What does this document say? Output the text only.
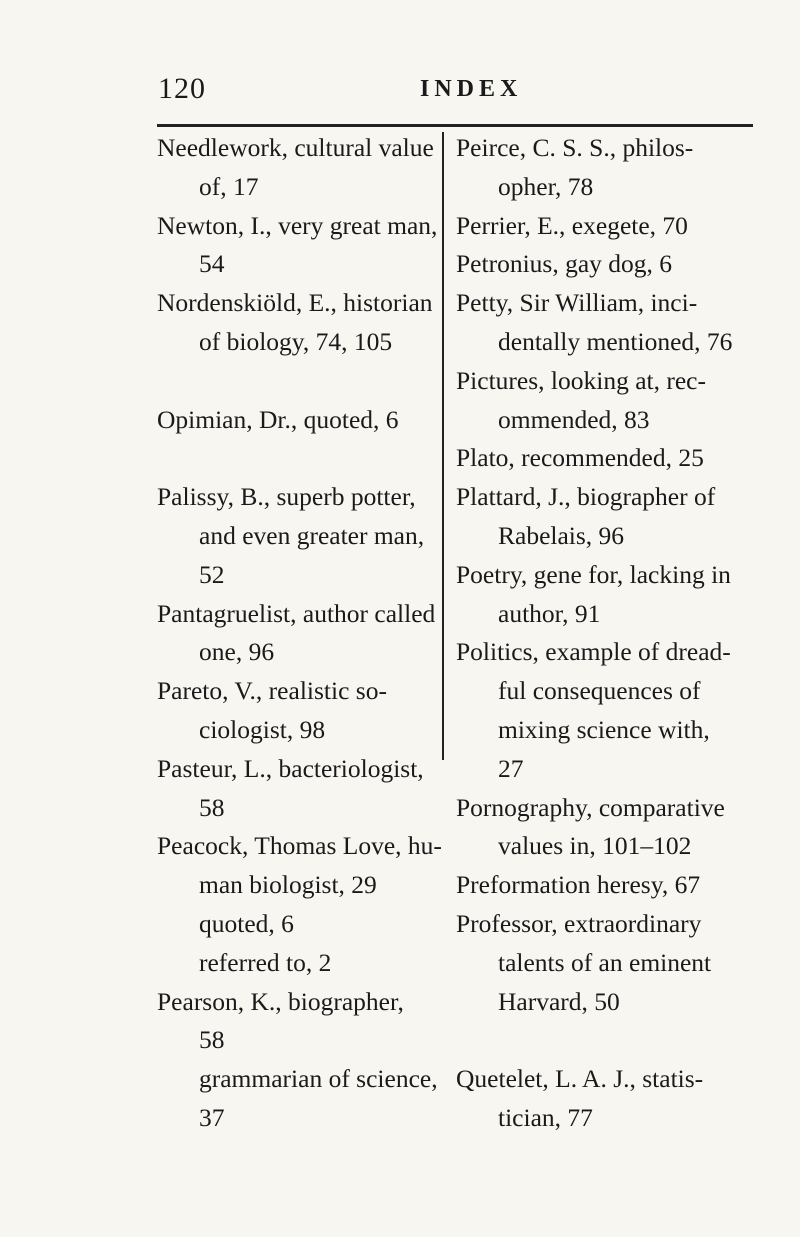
120	INDEX
Needlework, cultural value
of, 17
Newton, I., very great man,
54
Nordenskiöld, E., historian
of biology, 74, 105
Opimian, Dr., quoted, 6
Palissy, B., superb potter,
and even greater man,
52
Pantagruelist, author called
one, 96
Pareto, V., realistic so-
ciologist, 98
Pasteur, L., bacteriologist,
58
Peacock, Thomas Love, hu-
man biologist, 29
quoted, 6
referred to, 2
Pearson, K., biographer,
58
grammarian of science,
37
Peirce, C. S. S., philos-
opher, 78
Perrier, E., exegete, 70
Petronius, gay dog, 6
Petty, Sir William, inci-
dentally mentioned, 76
Pictures, looking at, rec-
ommended, 83
Plato, recommended, 25
Plattard, J., biographer of
Rabelais, 96
Poetry, gene for, lacking in
author, 91
Politics, example of dread-
ful consequences of
mixing science with,
27
Pornography, comparative
values in, 101–102
Preformation heresy, 67
Professor, extraordinary
talents of an eminent
Harvard, 50
Quetelet, L. A. J., statis-
tician, 77
